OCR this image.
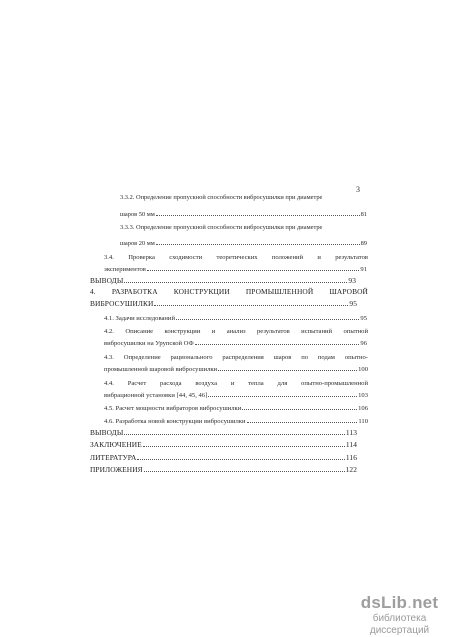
3
3.3.2. Определение пропускной способности виброcушилки при диаметре
шаров 50 мм	81
3.3.3. Определение пропускной способности виброcушилки при диаметре
шаров 20 мм	89
3.4. Проверка сходимости теоретических положений и результатов
экспериментов	91
ВЫВОДЫ	93
4. РАЗРАБОТКА КОНСТРУКЦИИ ПРОМЫШЛЕННОЙ ШАРОВОЙ
ВИБРОСУШИЛКИ	95
4.1. Задачи исследований	95
4.2. Описание конструкции и анализ результатов испытаний опытной
вибросушилки на Урупской ОФ	96
4.3. Определение рационального распределения шаров по подам опытно-
промышленной шаровой вибросушилки	100
4.4. Расчет расхода воздуха и тепла для опытно-промышленной
вибрационной установки [44, 45, 46]	103
4.5. Расчет мощности вибраторов вибросушилки	106
4.6. Разработка новой конструкции вибросушилки	110
ВЫВОДЫ	113
ЗАКЛЮЧЕНИЕ	114
ЛИТЕРАТУРА	116
ПРИЛОЖЕНИЯ	122
dsLib.net
библиотека диссертаций
